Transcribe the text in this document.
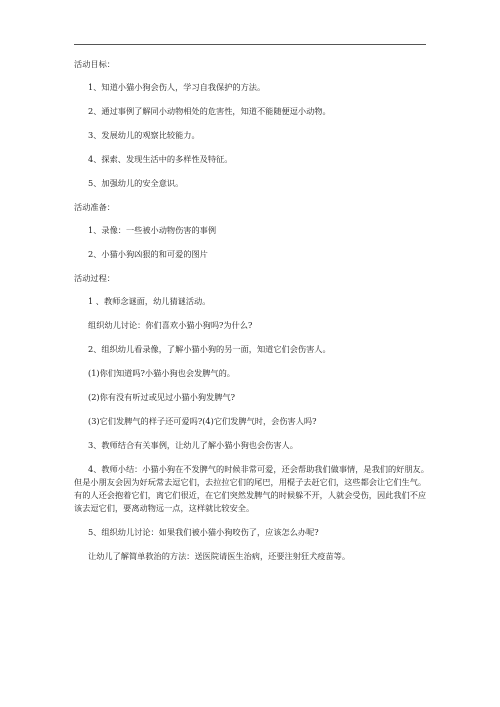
活动目标：
1、知道小猫小狗会伤人，学习自我保护的方法。
2、通过事例了解同小动物相处的危害性，知道不能随便逗小动物。
3、发展幼儿的观察比较能力。
4、探索、发现生活中的多样性及特征。
5、加强幼儿的安全意识。
活动准备：
1、录像：一些被小动物伤害的事例
2、小猫小狗凶狠的和可爱的图片
活动过程：
1 、教师念谜面，幼儿猜谜活动。
组织幼儿讨论：你们喜欢小猫小狗吗?为什么?
2、组织幼儿看录像，了解小猫小狗的另一面，知道它们会伤害人。
(1)你们知道吗?小猫小狗也会发脾气的。
(2)你有没有听过或见过小猫小狗发脾气?
(3)它们发脾气的样子还可爱吗?(4)它们发脾气时，会伤害人吗?
3、教师结合有关事例，让幼儿了解小猫小狗也会伤害人。
4、教师小结：小猫小狗在不发脾气的时候非常可爱，还会帮助我们做事情，是我们的好朋友。但是小朋友会因为好玩常去逗它们，去拉拉它们的尾巴，用棍子去赶它们，这些都会让它们生气。有的人还会抱着它们，离它们很近，在它们突然发脾气的时候躲不开，人就会受伤，因此我们不应该去逗它们，要离动物远一点，这样就比较安全。
5、组织幼儿讨论：如果我们被小猫小狗咬伤了，应该怎么办呢?
让幼儿了解简单救治的方法：送医院请医生治病，还要注射狂犬疫苗等。
